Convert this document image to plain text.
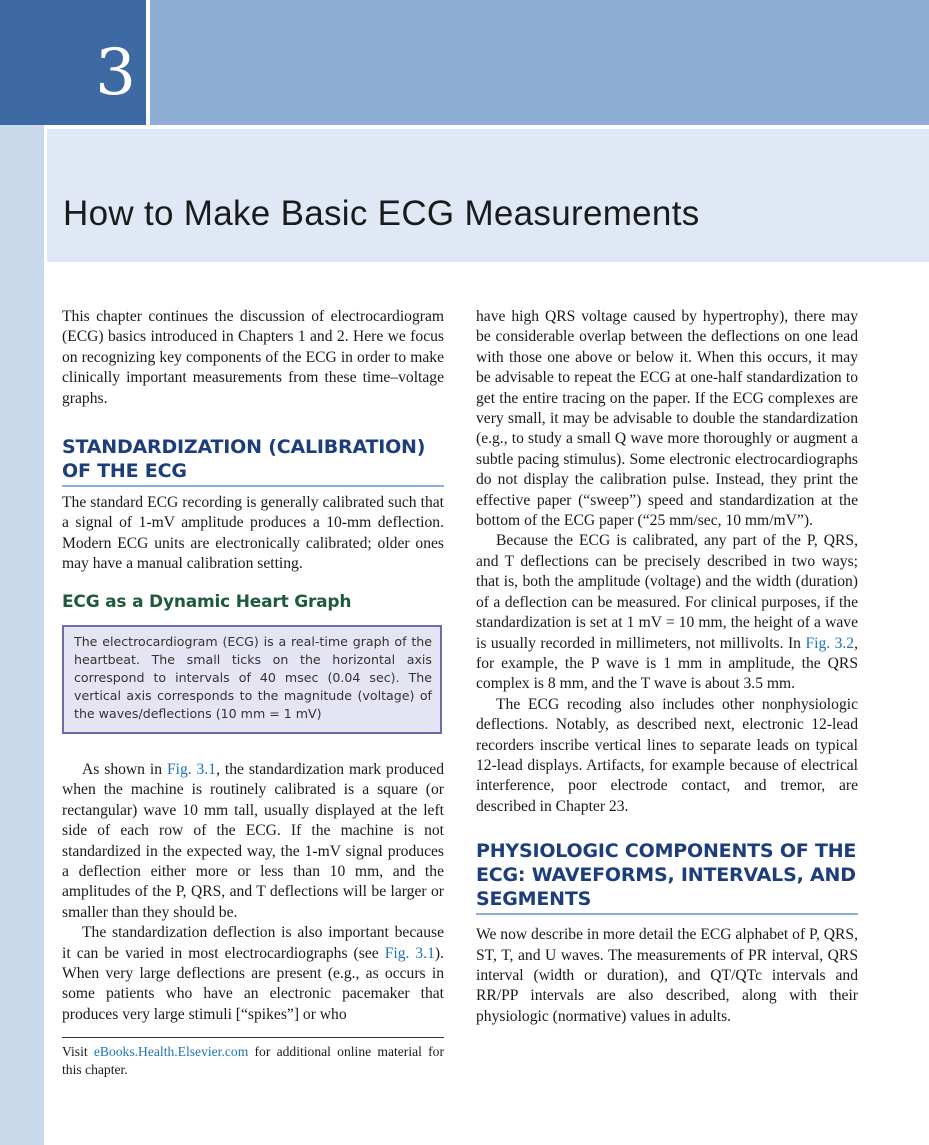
3
How to Make Basic ECG Measurements

This chapter continues the discussion of electrocardiogram (ECG) basics introduced in Chapters 1 and 2. Here we focus on recognizing key components of the ECG in order to make clinically important measurements from these time–voltage graphs.

STANDARDIZATION (CALIBRATION)
OF THE ECG

The standard ECG recording is generally calibrated such that a signal of 1-mV amplitude produces a 10-mm deflection. Modern ECG units are electronically calibrated; older ones may have a manual calibration setting.

ECG as a Dynamic Heart Graph
The electrocardiogram (ECG) is a real-time graph of the heartbeat. The small ticks on the horizontal axis correspond to intervals of 40 msec (0.04 sec). The vertical axis corresponds to the magnitude (voltage) of the waves/deflections (10 mm = 1 mV)

As shown in Fig. 3.1, the standardization mark produced when the machine is routinely calibrated is a square (or rectangular) wave 10 mm tall, usually displayed at the left side of each row of the ECG. If the machine is not standardized in the expected way, the 1-mV signal produces a deflection either more or less than 10 mm, and the amplitudes of the P, QRS, and T deflections will be larger or smaller than they should be.

The standardization deflection is also important because it can be varied in most electrocardiographs (see Fig. 3.1). When very large deflections are present (e.g., as occurs in some patients who have an electronic pacemaker that produces very large stimuli [“spikes”] or who

Visit eBooks.Health.Elsevier.com for additional online material for this chapter.

have high QRS voltage caused by hypertrophy), there may be considerable overlap between the deflections on one lead with those one above or below it. When this occurs, it may be advisable to repeat the ECG at one-half standardization to get the entire tracing on the paper. If the ECG complexes are very small, it may be advisable to double the standardization (e.g., to study a small Q wave more thoroughly or augment a subtle pacing stimulus). Some electronic electrocardiographs do not display the calibration pulse. Instead, they print the effective paper (“sweep”) speed and standardization at the bottom of the ECG paper (“25 mm/sec, 10 mm/mV”).

Because the ECG is calibrated, any part of the P, QRS, and T deflections can be precisely described in two ways; that is, both the amplitude (voltage) and the width (duration) of a deflection can be measured. For clinical purposes, if the standardization is set at 1 mV = 10 mm, the height of a wave is usually recorded in millimeters, not millivolts. In Fig. 3.2, for example, the P wave is 1 mm in amplitude, the QRS complex is 8 mm, and the T wave is about 3.5 mm.

The ECG recoding also includes other nonphysiologic deflections. Notably, as described next, electronic 12-lead recorders inscribe vertical lines to separate leads on typical 12-lead displays. Artifacts, for example because of electrical interference, poor electrode contact, and tremor, are described in Chapter 23.

PHYSIOLOGIC COMPONENTS OF THE
ECG: WAVEFORMS, INTERVALS, AND
SEGMENTS

We now describe in more detail the ECG alphabet of P, QRS, ST, T, and U waves. The measurements of PR interval, QRS interval (width or duration), and QT/QTc intervals and RR/PP intervals are also described, along with their physiologic (normative) values in adults.
